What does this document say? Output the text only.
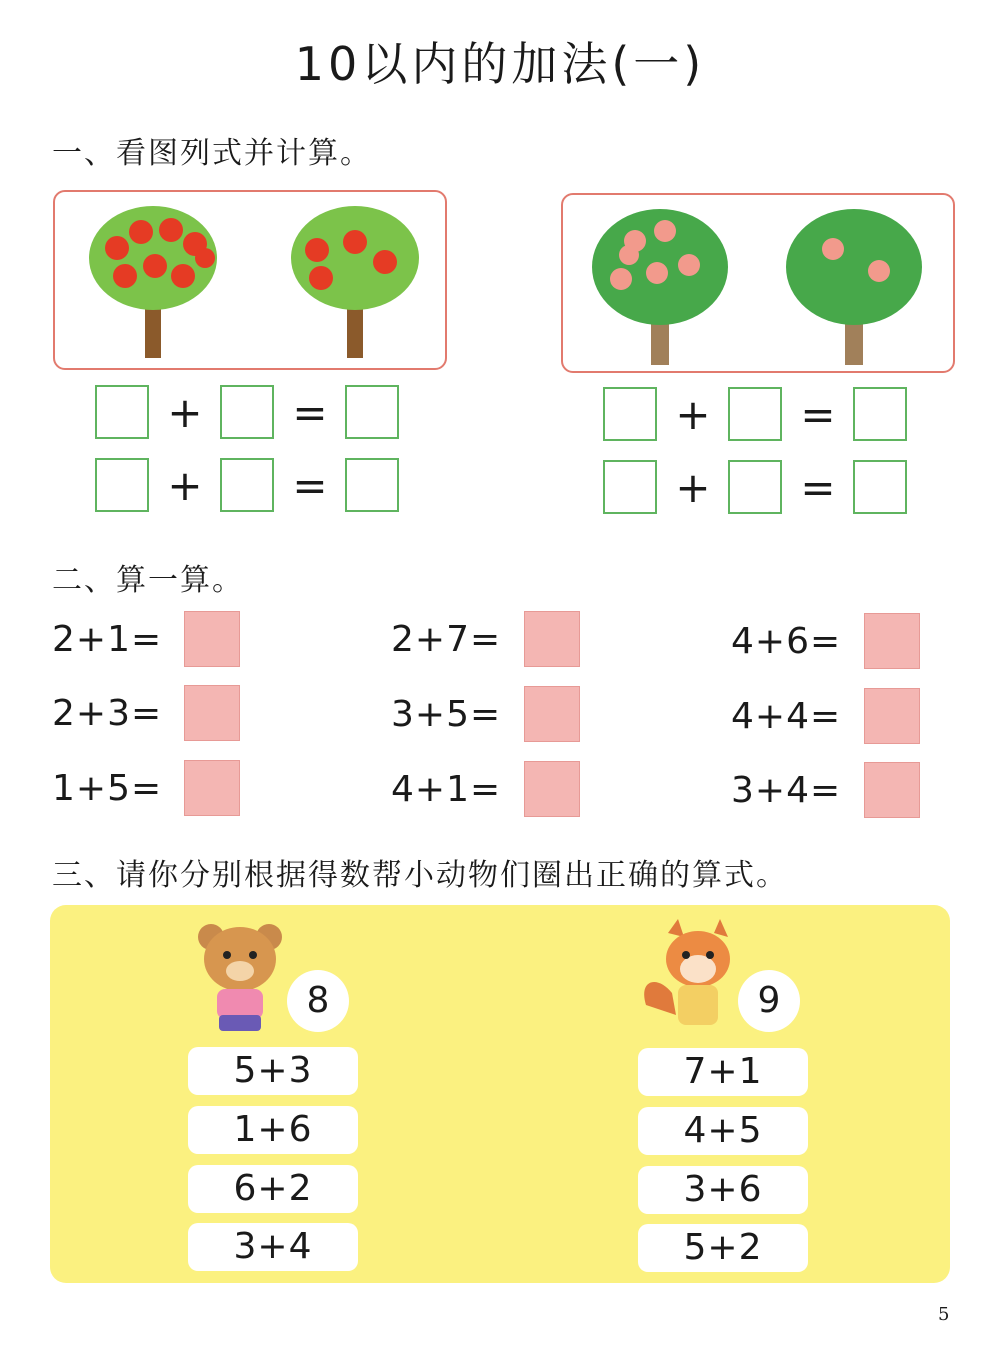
10以内的加法(一)
一、看图列式并计算。
+ =
+ =
+ =
+ =
二、算一算。
2+1=	2+7=	4+6=
2+3=	3+5=	4+4=
1+5=	4+1=	3+4=
三、请你分别根据得数帮小动物们圈出正确的算式。
8
5+3
1+6
6+2
3+4
9
7+1
4+5
3+6
5+2
5
